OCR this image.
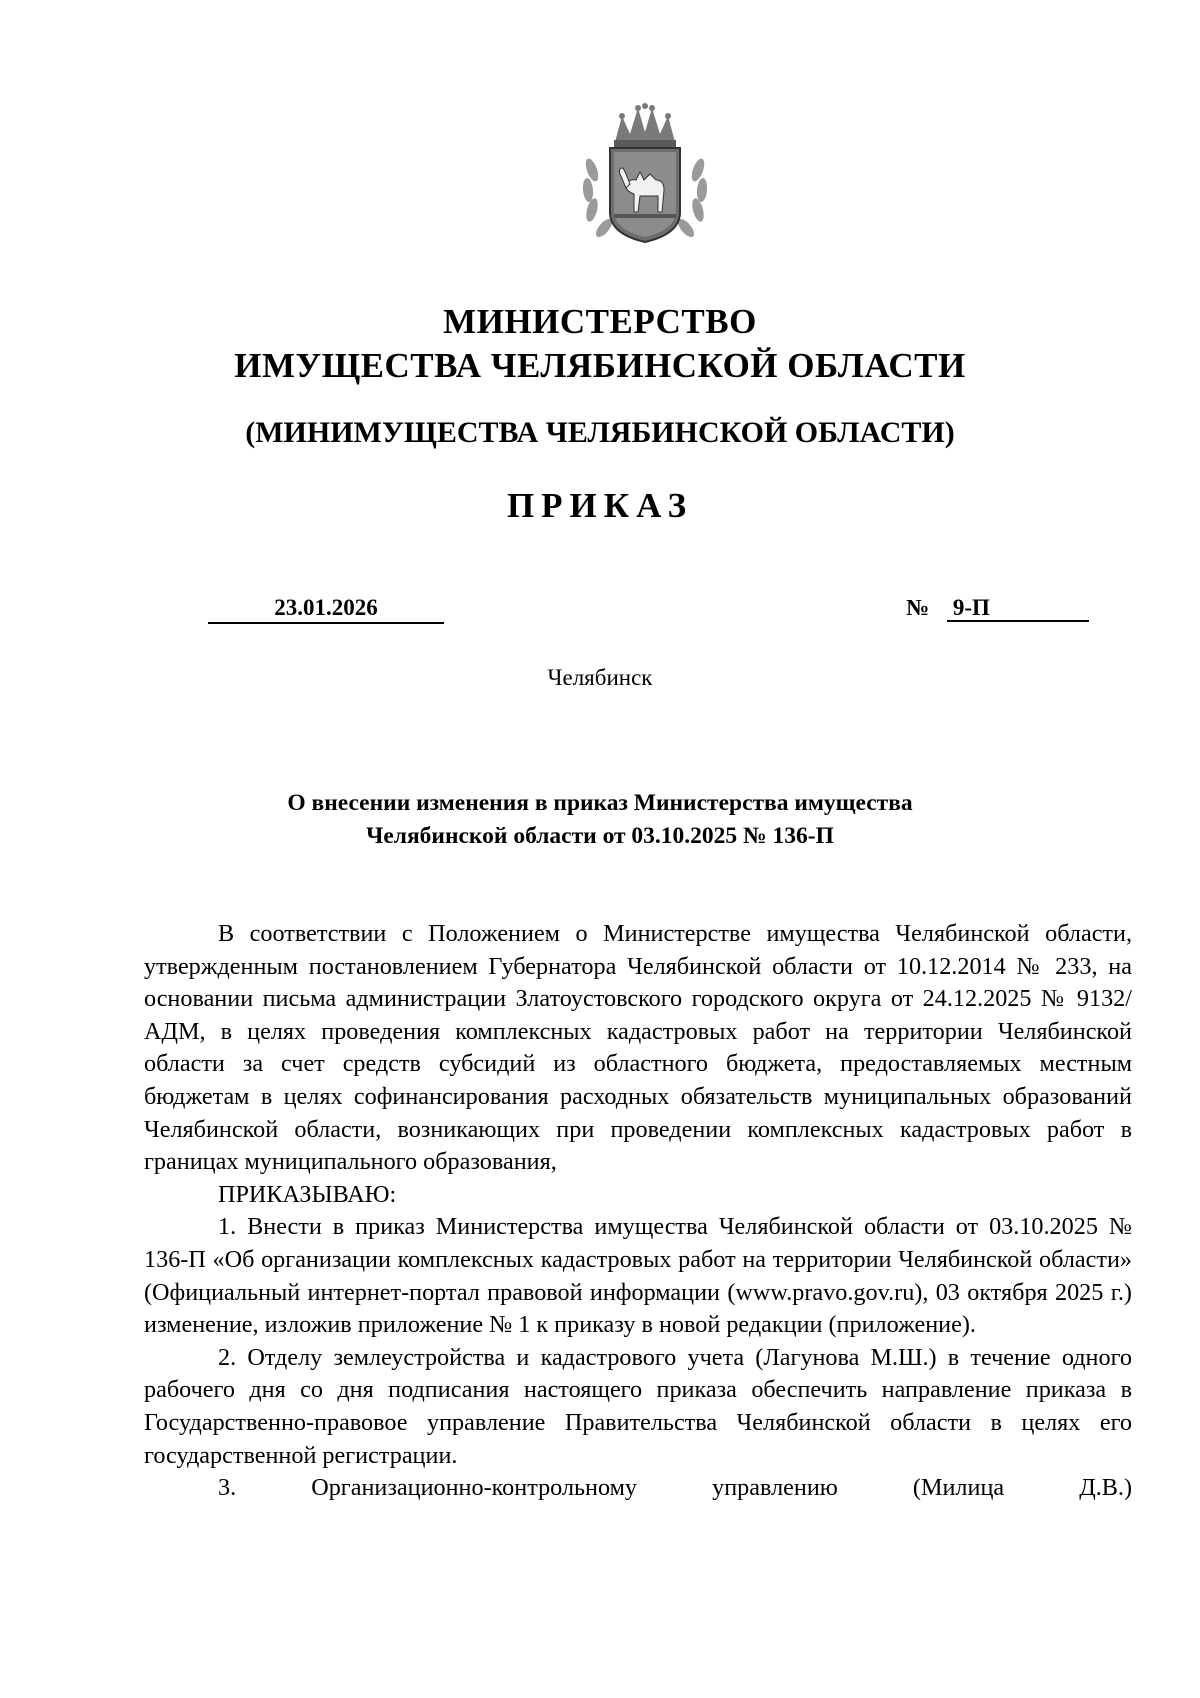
МИНИСТЕРСТВО
ИМУЩЕСТВА ЧЕЛЯБИНСКОЙ ОБЛАСТИ
(МИНИМУЩЕСТВА ЧЕЛЯБИНСКОЙ ОБЛАСТИ)
ПРИКАЗ
23.01.2026	№ 9-П
Челябинск
О внесении изменения в приказ Министерства имущества
Челябинской области от 03.10.2025 № 136-П

В соответствии с Положением о Министерстве имущества Челябинской области, утвержденным постановлением Губернатора Челябинской области от 10.12.2014 № 233, на основании письма администрации Златоустовского городского округа от 24.12.2025 № 9132/АДМ, в целях проведения комплексных кадастровых работ на территории Челябинской области за счет средств субсидий из областного бюджета, предоставляемых местным бюджетам в целях софинансирования расходных обязательств муниципальных образований Челябинской области, возникающих при проведении комплексных кадастровых работ в границах муниципального образования,

ПРИКАЗЫВАЮ:

1. Внести в приказ Министерства имущества Челябинской области от 03.10.2025 № 136-П «Об организации комплексных кадастровых работ на территории Челябинской области» (Официальный интернет-портал правовой информации (www.pravo.gov.ru), 03 октября 2025 г.) изменение, изложив приложение № 1 к приказу в новой редакции (приложение).

2. Отделу землеустройства и кадастрового учета (Лагунова М.Ш.) в течение одного рабочего дня со дня подписания настоящего приказа обеспечить направление приказа в Государственно-правовое управление Правительства Челябинской области в целях его государственной регистрации.

3. Организационно-контрольному управлению (Милица Д.В.)
